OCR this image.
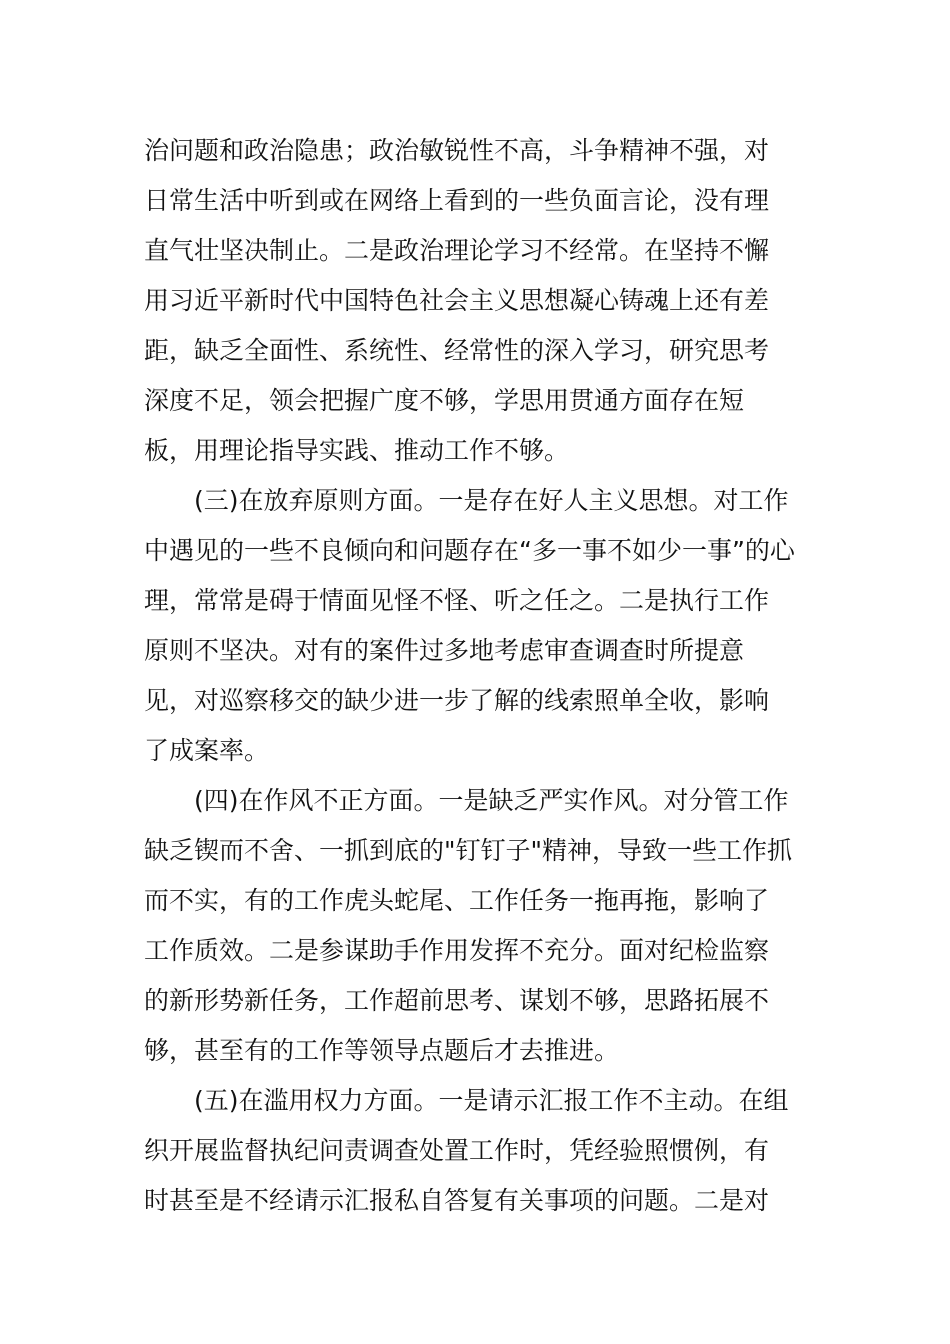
治问题和政治隐患；政治敏锐性不高，斗争精神不强，对
日常生活中听到或在网络上看到的一些负面言论，没有理
直气壮坚决制止。二是政治理论学习不经常。在坚持不懈
用习近平新时代中国特色社会主义思想凝心铸魂上还有差
距，缺乏全面性、系统性、经常性的深入学习，研究思考
深度不足，领会把握广度不够，学思用贯通方面存在短
板，用理论指导实践、推动工作不够。
(三)在放弃原则方面。一是存在好人主义思想。对工作
中遇见的一些不良倾向和问题存在“多一事不如少一事”的心
理，常常是碍于情面见怪不怪、听之任之。二是执行工作
原则不坚决。对有的案件过多地考虑审查调查时所提意
见，对巡察移交的缺少进一步了解的线索照单全收，影响
了成案率。
(四)在作风不正方面。一是缺乏严实作风。对分管工作
缺乏锲而不舍、一抓到底的"钉钉子"精神，导致一些工作抓
而不实，有的工作虎头蛇尾、工作任务一拖再拖，影响了
工作质效。二是参谋助手作用发挥不充分。面对纪检监察
的新形势新任务，工作超前思考、谋划不够，思路拓展不
够，甚至有的工作等领导点题后才去推进。
(五)在滥用权力方面。一是请示汇报工作不主动。在组
织开展监督执纪问责调查处置工作时，凭经验照惯例，有
时甚至是不经请示汇报私自答复有关事项的问题。二是对
